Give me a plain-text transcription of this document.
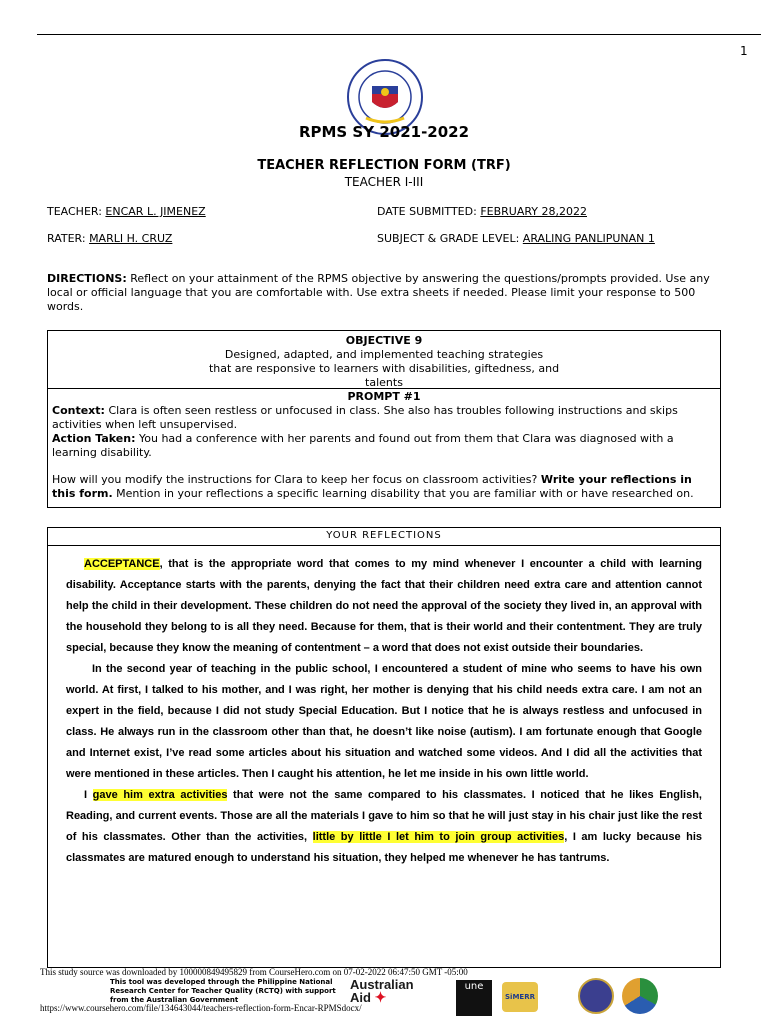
1
RPMS SY 2021-2022
TEACHER REFLECTION FORM (TRF)
TEACHER I-III
TEACHER: ENCAR L. JIMENEZ	DATE SUBMITTED: FEBRUARY 28,2022
RATER: MARLI H. CRUZ	SUBJECT & GRADE LEVEL: ARALING PANLIPUNAN 1
DIRECTIONS: Reflect on your attainment of the RPMS objective by answering the questions/prompts provided. Use any local or official language that you are comfortable with. Use extra sheets if needed. Please limit your response to 500 words.
OBJECTIVE 9
Designed, adapted, and implemented teaching strategies
that are responsive to learners with disabilities, giftedness, and
talents
PROMPT #1
Context: Clara is often seen restless or unfocused in class. She also has troubles following instructions and skips activities when left unsupervised.
Action Taken: You had a conference with her parents and found out from them that Clara was diagnosed with a learning disability.
How will you modify the instructions for Clara to keep her focus on classroom activities? Write your reflections in this form. Mention in your reflections a specific learning disability that you are familiar with or have researched on.
YOUR REFLECTIONS

ACCEPTANCE, that is the appropriate word that comes to my mind whenever I encounter a child with learning disability. Acceptance starts with the parents, denying the fact that their children need extra care and attention cannot help the child in their development. These children do not need the approval of the society they lived in, an approval with the household they belong to is all they need. Because for them, that is their world and their contentment. They are truly special, because they know the meaning of contentment – a word that does not exist outside their boundaries.

In the second year of teaching in the public school, I encountered a student of mine who seems to have his own world. At first, I talked to his mother, and I was right, her mother is denying that his child needs extra care. I am not an expert in the field, because I did not study Special Education. But I notice that he is always restless and unfocused in class. He always run in the classroom other than that, he doesn’t like noise (autism). I am fortunate enough that Google and Internet exist, I’ve read some articles about his situation and watched some videos. And I did all the activities that were mentioned in these articles. Then I caught his attention, he let me inside in his own little world.

I gave him extra activities that were not the same compared to his classmates. I noticed that he likes English, Reading, and current events. Those are all the materials I gave to him so that he will just stay in his chair just like the rest of his classmates. Other than the activities, little by little I let him to join group activities, I am lucky because his classmates are matured enough to understand his situation, they helped me whenever he has tantrums.

This study source was downloaded by 100000849495829 from CourseHero.com on 07-02-2022 06:47:50 GMT -05:00
This tool was developed through the Philippine National Research Center for Teacher Quality (RCTQ) with support from the Australian Government
https://www.coursehero.com/file/134643044/teachers-reflection-form-Encar-RPMSdocx/
Australian
Aid ✦
une
SiMERR
